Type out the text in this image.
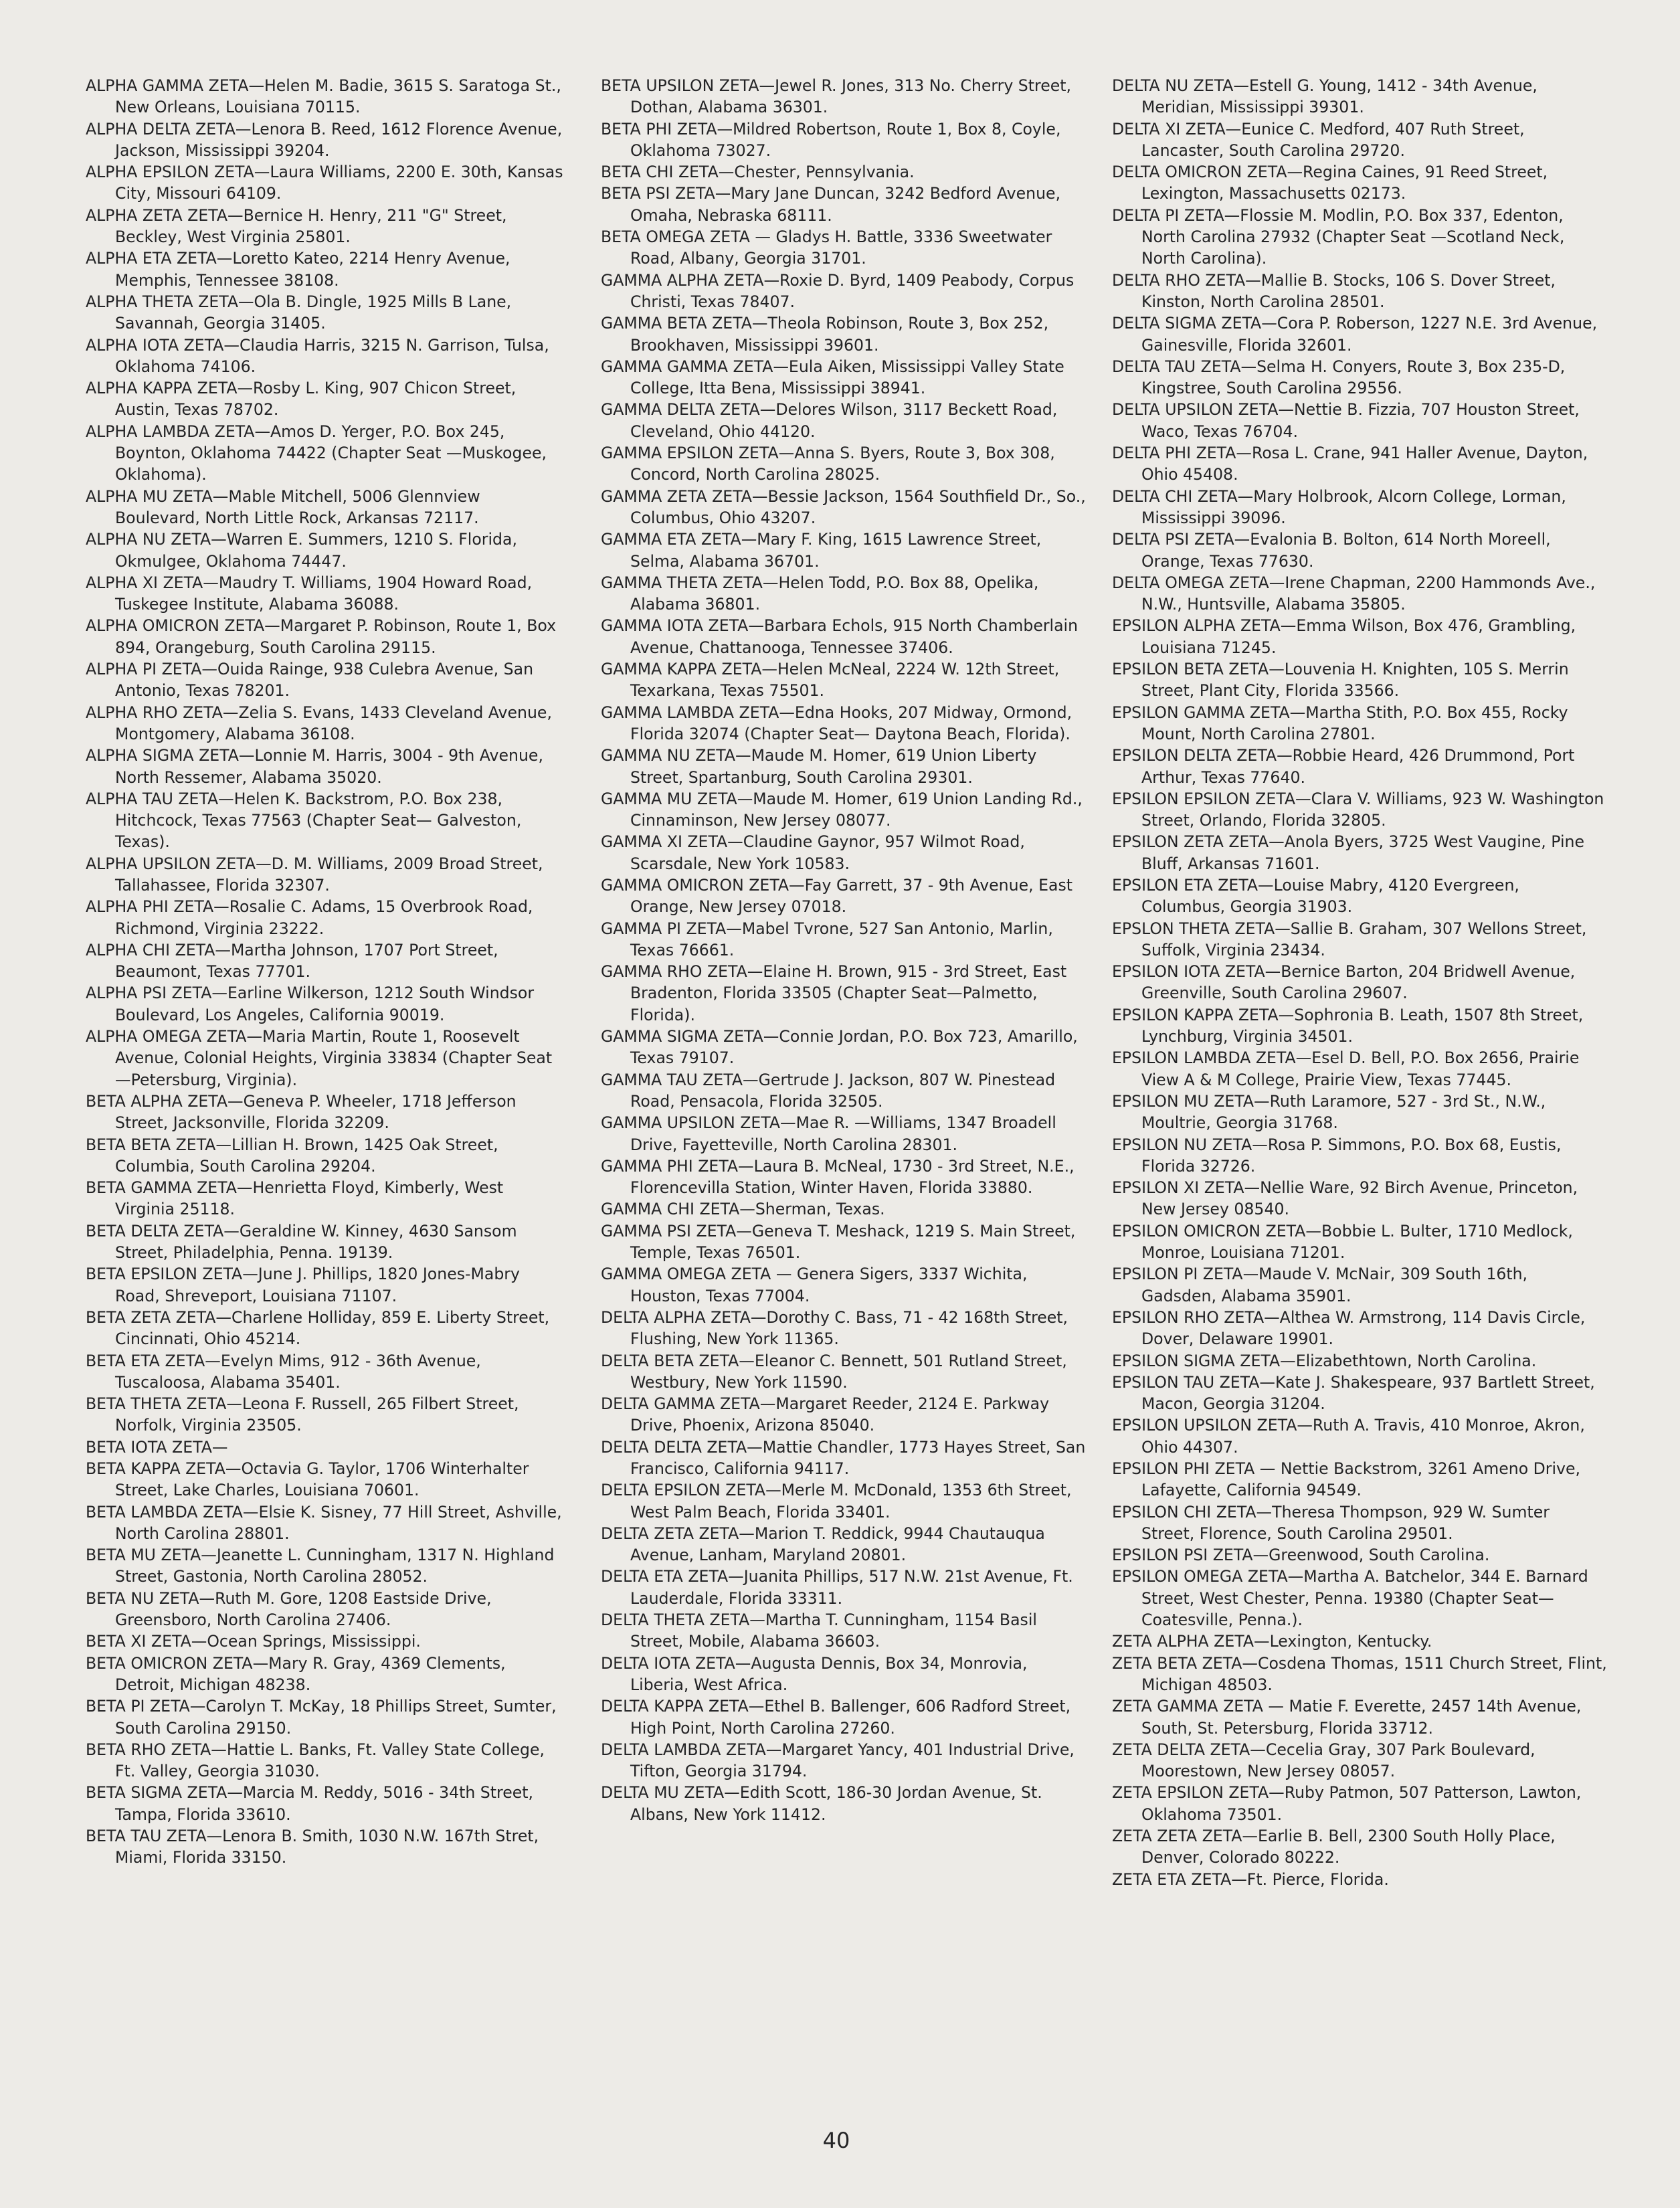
ALPHA GAMMA ZETA—Helen M. Badie, 3615 S. Saratoga St., New Orleans, Louisiana 70115.
ALPHA DELTA ZETA—Lenora B. Reed, 1612 Florence Avenue, Jackson, Mississippi 39204.
ALPHA EPSILON ZETA—Laura Williams, 2200 E. 30th, Kansas City, Missouri 64109.
ALPHA ZETA ZETA—Bernice H. Henry, 211 "G" Street, Beckley, West Virginia 25801.
ALPHA ETA ZETA—Loretto Kateo, 2214 Henry Avenue, Memphis, Tennessee 38108.
ALPHA THETA ZETA—Ola B. Dingle, 1925 Mills B Lane, Savannah, Georgia 31405.
ALPHA IOTA ZETA—Claudia Harris, 3215 N. Garrison, Tulsa, Oklahoma 74106.
ALPHA KAPPA ZETA—Rosby L. King, 907 Chicon Street, Austin, Texas 78702.
ALPHA LAMBDA ZETA—Amos D. Yerger, P.O. Box 245, Boynton, Oklahoma 74422 (Chapter Seat —Muskogee, Oklahoma).
ALPHA MU ZETA—Mable Mitchell, 5006 Glennview Boulevard, North Little Rock, Arkansas 72117.
ALPHA NU ZETA—Warren E. Summers, 1210 S. Florida, Okmulgee, Oklahoma 74447.
ALPHA XI ZETA—Maudry T. Williams, 1904 Howard Road, Tuskegee Institute, Alabama 36088.
ALPHA OMICRON ZETA—Margaret P. Robinson, Route 1, Box 894, Orangeburg, South Carolina 29115.
ALPHA PI ZETA—Ouida Rainge, 938 Culebra Avenue, San Antonio, Texas 78201.
ALPHA RHO ZETA—Zelia S. Evans, 1433 Cleveland Avenue, Montgomery, Alabama 36108.
ALPHA SIGMA ZETA—Lonnie M. Harris, 3004 - 9th Avenue, North Ressemer, Alabama 35020.
ALPHA TAU ZETA—Helen K. Backstrom, P.O. Box 238, Hitchcock, Texas 77563 (Chapter Seat— Galveston, Texas).
ALPHA UPSILON ZETA—D. M. Williams, 2009 Broad Street, Tallahassee, Florida 32307.
ALPHA PHI ZETA—Rosalie C. Adams, 15 Overbrook Road, Richmond, Virginia 23222.
ALPHA CHI ZETA—Martha Johnson, 1707 Port Street, Beaumont, Texas 77701.
ALPHA PSI ZETA—Earline Wilkerson, 1212 South Windsor Boulevard, Los Angeles, California 90019.
ALPHA OMEGA ZETA—Maria Martin, Route 1, Roosevelt Avenue, Colonial Heights, Virginia 33834 (Chapter Seat—Petersburg, Virginia).
BETA ALPHA ZETA—Geneva P. Wheeler, 1718 Jefferson Street, Jacksonville, Florida 32209.
BETA BETA ZETA—Lillian H. Brown, 1425 Oak Street, Columbia, South Carolina 29204.
BETA GAMMA ZETA—Henrietta Floyd, Kimberly, West Virginia 25118.
BETA DELTA ZETA—Geraldine W. Kinney, 4630 Sansom Street, Philadelphia, Penna. 19139.
BETA EPSILON ZETA—June J. Phillips, 1820 Jones-Mabry Road, Shreveport, Louisiana 71107.
BETA ZETA ZETA—Charlene Holliday, 859 E. Liberty Street, Cincinnati, Ohio 45214.
BETA ETA ZETA—Evelyn Mims, 912 - 36th Avenue, Tuscaloosa, Alabama 35401.
BETA THETA ZETA—Leona F. Russell, 265 Filbert Street, Norfolk, Virginia 23505.
BETA IOTA ZETA—
BETA KAPPA ZETA—Octavia G. Taylor, 1706 Winterhalter Street, Lake Charles, Louisiana 70601.
BETA LAMBDA ZETA—Elsie K. Sisney, 77 Hill Street, Ashville, North Carolina 28801.
BETA MU ZETA—Jeanette L. Cunningham, 1317 N. Highland Street, Gastonia, North Carolina 28052.
BETA NU ZETA—Ruth M. Gore, 1208 Eastside Drive, Greensboro, North Carolina 27406.
BETA XI ZETA—Ocean Springs, Mississippi.
BETA OMICRON ZETA—Mary R. Gray, 4369 Clements, Detroit, Michigan 48238.
BETA PI ZETA—Carolyn T. McKay, 18 Phillips Street, Sumter, South Carolina 29150.
BETA RHO ZETA—Hattie L. Banks, Ft. Valley State College, Ft. Valley, Georgia 31030.
BETA SIGMA ZETA—Marcia M. Reddy, 5016 - 34th Street, Tampa, Florida 33610.
BETA TAU ZETA—Lenora B. Smith, 1030 N.W. 167th Stret, Miami, Florida 33150.
BETA UPSILON ZETA—Jewel R. Jones, 313 No. Cherry Street, Dothan, Alabama 36301.
BETA PHI ZETA—Mildred Robertson, Route 1, Box 8, Coyle, Oklahoma 73027.
BETA CHI ZETA—Chester, Pennsylvania.
BETA PSI ZETA—Mary Jane Duncan, 3242 Bedford Avenue, Omaha, Nebraska 68111.
BETA OMEGA ZETA — Gladys H. Battle, 3336 Sweetwater Road, Albany, Georgia 31701.
GAMMA ALPHA ZETA—Roxie D. Byrd, 1409 Peabody, Corpus Christi, Texas 78407.
GAMMA BETA ZETA—Theola Robinson, Route 3, Box 252, Brookhaven, Mississippi 39601.
GAMMA GAMMA ZETA—Eula Aiken, Mississippi Valley State College, Itta Bena, Mississippi 38941.
GAMMA DELTA ZETA—Delores Wilson, 3117 Beckett Road, Cleveland, Ohio 44120.
GAMMA EPSILON ZETA—Anna S. Byers, Route 3, Box 308, Concord, North Carolina 28025.
GAMMA ZETA ZETA—Bessie Jackson, 1564 Southfield Dr., So., Columbus, Ohio 43207.
GAMMA ETA ZETA—Mary F. King, 1615 Lawrence Street, Selma, Alabama 36701.
GAMMA THETA ZETA—Helen Todd, P.O. Box 88, Opelika, Alabama 36801.
GAMMA IOTA ZETA—Barbara Echols, 915 North Chamberlain Avenue, Chattanooga, Tennessee 37406.
GAMMA KAPPA ZETA—Helen McNeal, 2224 W. 12th Street, Texarkana, Texas 75501.
GAMMA LAMBDA ZETA—Edna Hooks, 207 Midway, Ormond, Florida 32074 (Chapter Seat— Daytona Beach, Florida).
GAMMA NU ZETA—Maude M. Homer, 619 Union Liberty Street, Spartanburg, South Carolina 29301.
GAMMA MU ZETA—Maude M. Homer, 619 Union Landing Rd., Cinnaminson, New Jersey 08077.
GAMMA XI ZETA—Claudine Gaynor, 957 Wilmot Road, Scarsdale, New York 10583.
GAMMA OMICRON ZETA—Fay Garrett, 37 - 9th Avenue, East Orange, New Jersey 07018.
GAMMA PI ZETA—Mabel Tvrone, 527 San Antonio, Marlin, Texas 76661.
GAMMA RHO ZETA—Elaine H. Brown, 915 - 3rd Street, East Bradenton, Florida 33505 (Chapter Seat—Palmetto, Florida).
GAMMA SIGMA ZETA—Connie Jordan, P.O. Box 723, Amarillo, Texas 79107.
GAMMA TAU ZETA—Gertrude J. Jackson, 807 W. Pinestead Road, Pensacola, Florida 32505.
GAMMA UPSILON ZETA—Mae R. —Williams, 1347 Broadell Drive, Fayetteville, North Carolina 28301.
GAMMA PHI ZETA—Laura B. McNeal, 1730 - 3rd Street, N.E., Florencevilla Station, Winter Haven, Florida 33880.
GAMMA CHI ZETA—Sherman, Texas.
GAMMA PSI ZETA—Geneva T. Meshack, 1219 S. Main Street, Temple, Texas 76501.
GAMMA OMEGA ZETA — Genera Sigers, 3337 Wichita, Houston, Texas 77004.
DELTA ALPHA ZETA—Dorothy C. Bass, 71 - 42 168th Street, Flushing, New York 11365.
DELTA BETA ZETA—Eleanor C. Bennett, 501 Rutland Street, Westbury, New York 11590.
DELTA GAMMA ZETA—Margaret Reeder, 2124 E. Parkway Drive, Phoenix, Arizona 85040.
DELTA DELTA ZETA—Mattie Chandler, 1773 Hayes Street, San Francisco, California 94117.
DELTA EPSILON ZETA—Merle M. McDonald, 1353 6th Street, West Palm Beach, Florida 33401.
DELTA ZETA ZETA—Marion T. Reddick, 9944 Chautauqua Avenue, Lanham, Maryland 20801.
DELTA ETA ZETA—Juanita Phillips, 517 N.W. 21st Avenue, Ft. Lauderdale, Florida 33311.
DELTA THETA ZETA—Martha T. Cunningham, 1154 Basil Street, Mobile, Alabama 36603.
DELTA IOTA ZETA—Augusta Dennis, Box 34, Monrovia, Liberia, West Africa.
DELTA KAPPA ZETA—Ethel B. Ballenger, 606 Radford Street, High Point, North Carolina 27260.
DELTA LAMBDA ZETA—Margaret Yancy, 401 Industrial Drive, Tifton, Georgia 31794.
DELTA MU ZETA—Edith Scott, 186-30 Jordan Avenue, St. Albans, New York 11412.
DELTA NU ZETA—Estell G. Young, 1412 - 34th Avenue, Meridian, Mississippi 39301.
DELTA XI ZETA—Eunice C. Medford, 407 Ruth Street, Lancaster, South Carolina 29720.
DELTA OMICRON ZETA—Regina Caines, 91 Reed Street, Lexington, Massachusetts 02173.
DELTA PI ZETA—Flossie M. Modlin, P.O. Box 337, Edenton, North Carolina 27932 (Chapter Seat —Scotland Neck, North Carolina).
DELTA RHO ZETA—Mallie B. Stocks, 106 S. Dover Street, Kinston, North Carolina 28501.
DELTA SIGMA ZETA—Cora P. Roberson, 1227 N.E. 3rd Avenue, Gainesville, Florida 32601.
DELTA TAU ZETA—Selma H. Conyers, Route 3, Box 235-D, Kingstree, South Carolina 29556.
DELTA UPSILON ZETA—Nettie B. Fizzia, 707 Houston Street, Waco, Texas 76704.
DELTA PHI ZETA—Rosa L. Crane, 941 Haller Avenue, Dayton, Ohio 45408.
DELTA CHI ZETA—Mary Holbrook, Alcorn College, Lorman, Mississippi 39096.
DELTA PSI ZETA—Evalonia B. Bolton, 614 North Moreell, Orange, Texas 77630.
DELTA OMEGA ZETA—Irene Chapman, 2200 Hammonds Ave., N.W., Huntsville, Alabama 35805.
EPSILON ALPHA ZETA—Emma Wilson, Box 476, Grambling, Louisiana 71245.
EPSILON BETA ZETA—Louvenia H. Knighten, 105 S. Merrin Street, Plant City, Florida 33566.
EPSILON GAMMA ZETA—Martha Stith, P.O. Box 455, Rocky Mount, North Carolina 27801.
EPSILON DELTA ZETA—Robbie Heard, 426 Drummond, Port Arthur, Texas 77640.
EPSILON EPSILON ZETA—Clara V. Williams, 923 W. Washington Street, Orlando, Florida 32805.
EPSILON ZETA ZETA—Anola Byers, 3725 West Vaugine, Pine Bluff, Arkansas 71601.
EPSILON ETA ZETA—Louise Mabry, 4120 Evergreen, Columbus, Georgia 31903.
EPSLON THETA ZETA—Sallie B. Graham, 307 Wellons Street, Suffolk, Virginia 23434.
EPSILON IOTA ZETA—Bernice Barton, 204 Bridwell Avenue, Greenville, South Carolina 29607.
EPSILON KAPPA ZETA—Sophronia B. Leath, 1507 8th Street, Lynchburg, Virginia 34501.
EPSILON LAMBDA ZETA—Esel D. Bell, P.O. Box 2656, Prairie View A & M College, Prairie View, Texas 77445.
EPSILON MU ZETA—Ruth Laramore, 527 - 3rd St., N.W., Moultrie, Georgia 31768.
EPSILON NU ZETA—Rosa P. Simmons, P.O. Box 68, Eustis, Florida 32726.
EPSILON XI ZETA—Nellie Ware, 92 Birch Avenue, Princeton, New Jersey 08540.
EPSILON OMICRON ZETA—Bobbie L. Bulter, 1710 Medlock, Monroe, Louisiana 71201.
EPSILON PI ZETA—Maude V. McNair, 309 South 16th, Gadsden, Alabama 35901.
EPSILON RHO ZETA—Althea W. Armstrong, 114 Davis Circle, Dover, Delaware 19901.
EPSILON SIGMA ZETA—Elizabethtown, North Carolina.
EPSILON TAU ZETA—Kate J. Shakespeare, 937 Bartlett Street, Macon, Georgia 31204.
EPSILON UPSILON ZETA—Ruth A. Travis, 410 Monroe, Akron, Ohio 44307.
EPSILON PHI ZETA — Nettie Backstrom, 3261 Ameno Drive, Lafayette, California 94549.
EPSILON CHI ZETA—Theresa Thompson, 929 W. Sumter Street, Florence, South Carolina 29501.
EPSILON PSI ZETA—Greenwood, South Carolina.
EPSILON OMEGA ZETA—Martha A. Batchelor, 344 E. Barnard Street, West Chester, Penna. 19380 (Chapter Seat—Coatesville, Penna.).
ZETA ALPHA ZETA—Lexington, Kentucky.
ZETA BETA ZETA—Cosdena Thomas, 1511 Church Street, Flint, Michigan 48503.
ZETA GAMMA ZETA — Matie F. Everette, 2457 14th Avenue, South, St. Petersburg, Florida 33712.
ZETA DELTA ZETA—Cecelia Gray, 307 Park Boulevard, Moorestown, New Jersey 08057.
ZETA EPSILON ZETA—Ruby Patmon, 507 Patterson, Lawton, Oklahoma 73501.
ZETA ZETA ZETA—Earlie B. Bell, 2300 South Holly Place, Denver, Colorado 80222.
ZETA ETA ZETA—Ft. Pierce, Florida.
40
